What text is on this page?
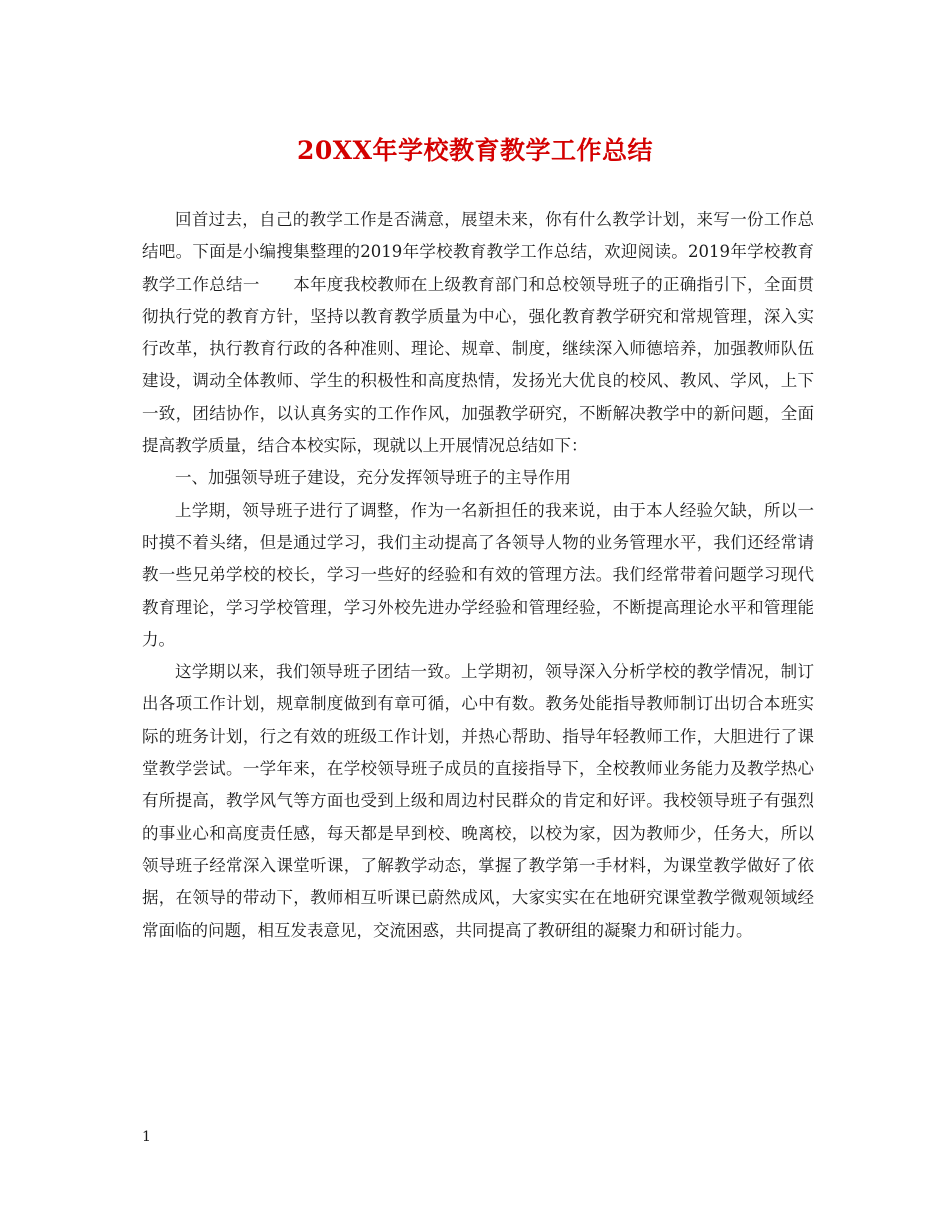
20XX年学校教育教学工作总结

回首过去，自己的教学工作是否满意，展望未来，你有什么教学计划，来写一份工作总结吧。下面是小编搜集整理的2019年学校教育教学工作总结，欢迎阅读。2019年学校教育教学工作总结一　　本年度我校教师在上级教育部门和总校领导班子的正确指引下，全面贯彻执行党的教育方针，坚持以教育教学质量为中心，强化教育教学研究和常规管理，深入实行改革，执行教育行政的各种准则、理论、规章、制度，继续深入师德培养，加强教师队伍建设，调动全体教师、学生的积极性和高度热情，发扬光大优良的校风、教风、学风，上下一致，团结协作，以认真务实的工作作风，加强教学研究，不断解决教学中的新问题，全面提高教学质量，结合本校实际，现就以上开展情况总结如下：

一、加强领导班子建设，充分发挥领导班子的主导作用

上学期，领导班子进行了调整，作为一名新担任的我来说，由于本人经验欠缺，所以一时摸不着头绪，但是通过学习，我们主动提高了各领导人物的业务管理水平，我们还经常请教一些兄弟学校的校长，学习一些好的经验和有效的管理方法。我们经常带着问题学习现代教育理论，学习学校管理，学习外校先进办学经验和管理经验，不断提高理论水平和管理能力。

这学期以来，我们领导班子团结一致。上学期初，领导深入分析学校的教学情况，制订出各项工作计划，规章制度做到有章可循，心中有数。教务处能指导教师制订出切合本班实际的班务计划，行之有效的班级工作计划，并热心帮助、指导年轻教师工作，大胆进行了课堂教学尝试。一学年来，在学校领导班子成员的直接指导下，全校教师业务能力及教学热心有所提高，教学风气等方面也受到上级和周边村民群众的肯定和好评。我校领导班子有强烈的事业心和高度责任感，每天都是早到校、晚离校，以校为家，因为教师少，任务大，所以领导班子经常深入课堂听课，了解教学动态，掌握了教学第一手材料，为课堂教学做好了依据，在领导的带动下，教师相互听课已蔚然成风，大家实实在在地研究课堂教学微观领域经常面临的问题，相互发表意见，交流困惑，共同提高了教研组的凝聚力和研讨能力。

1
